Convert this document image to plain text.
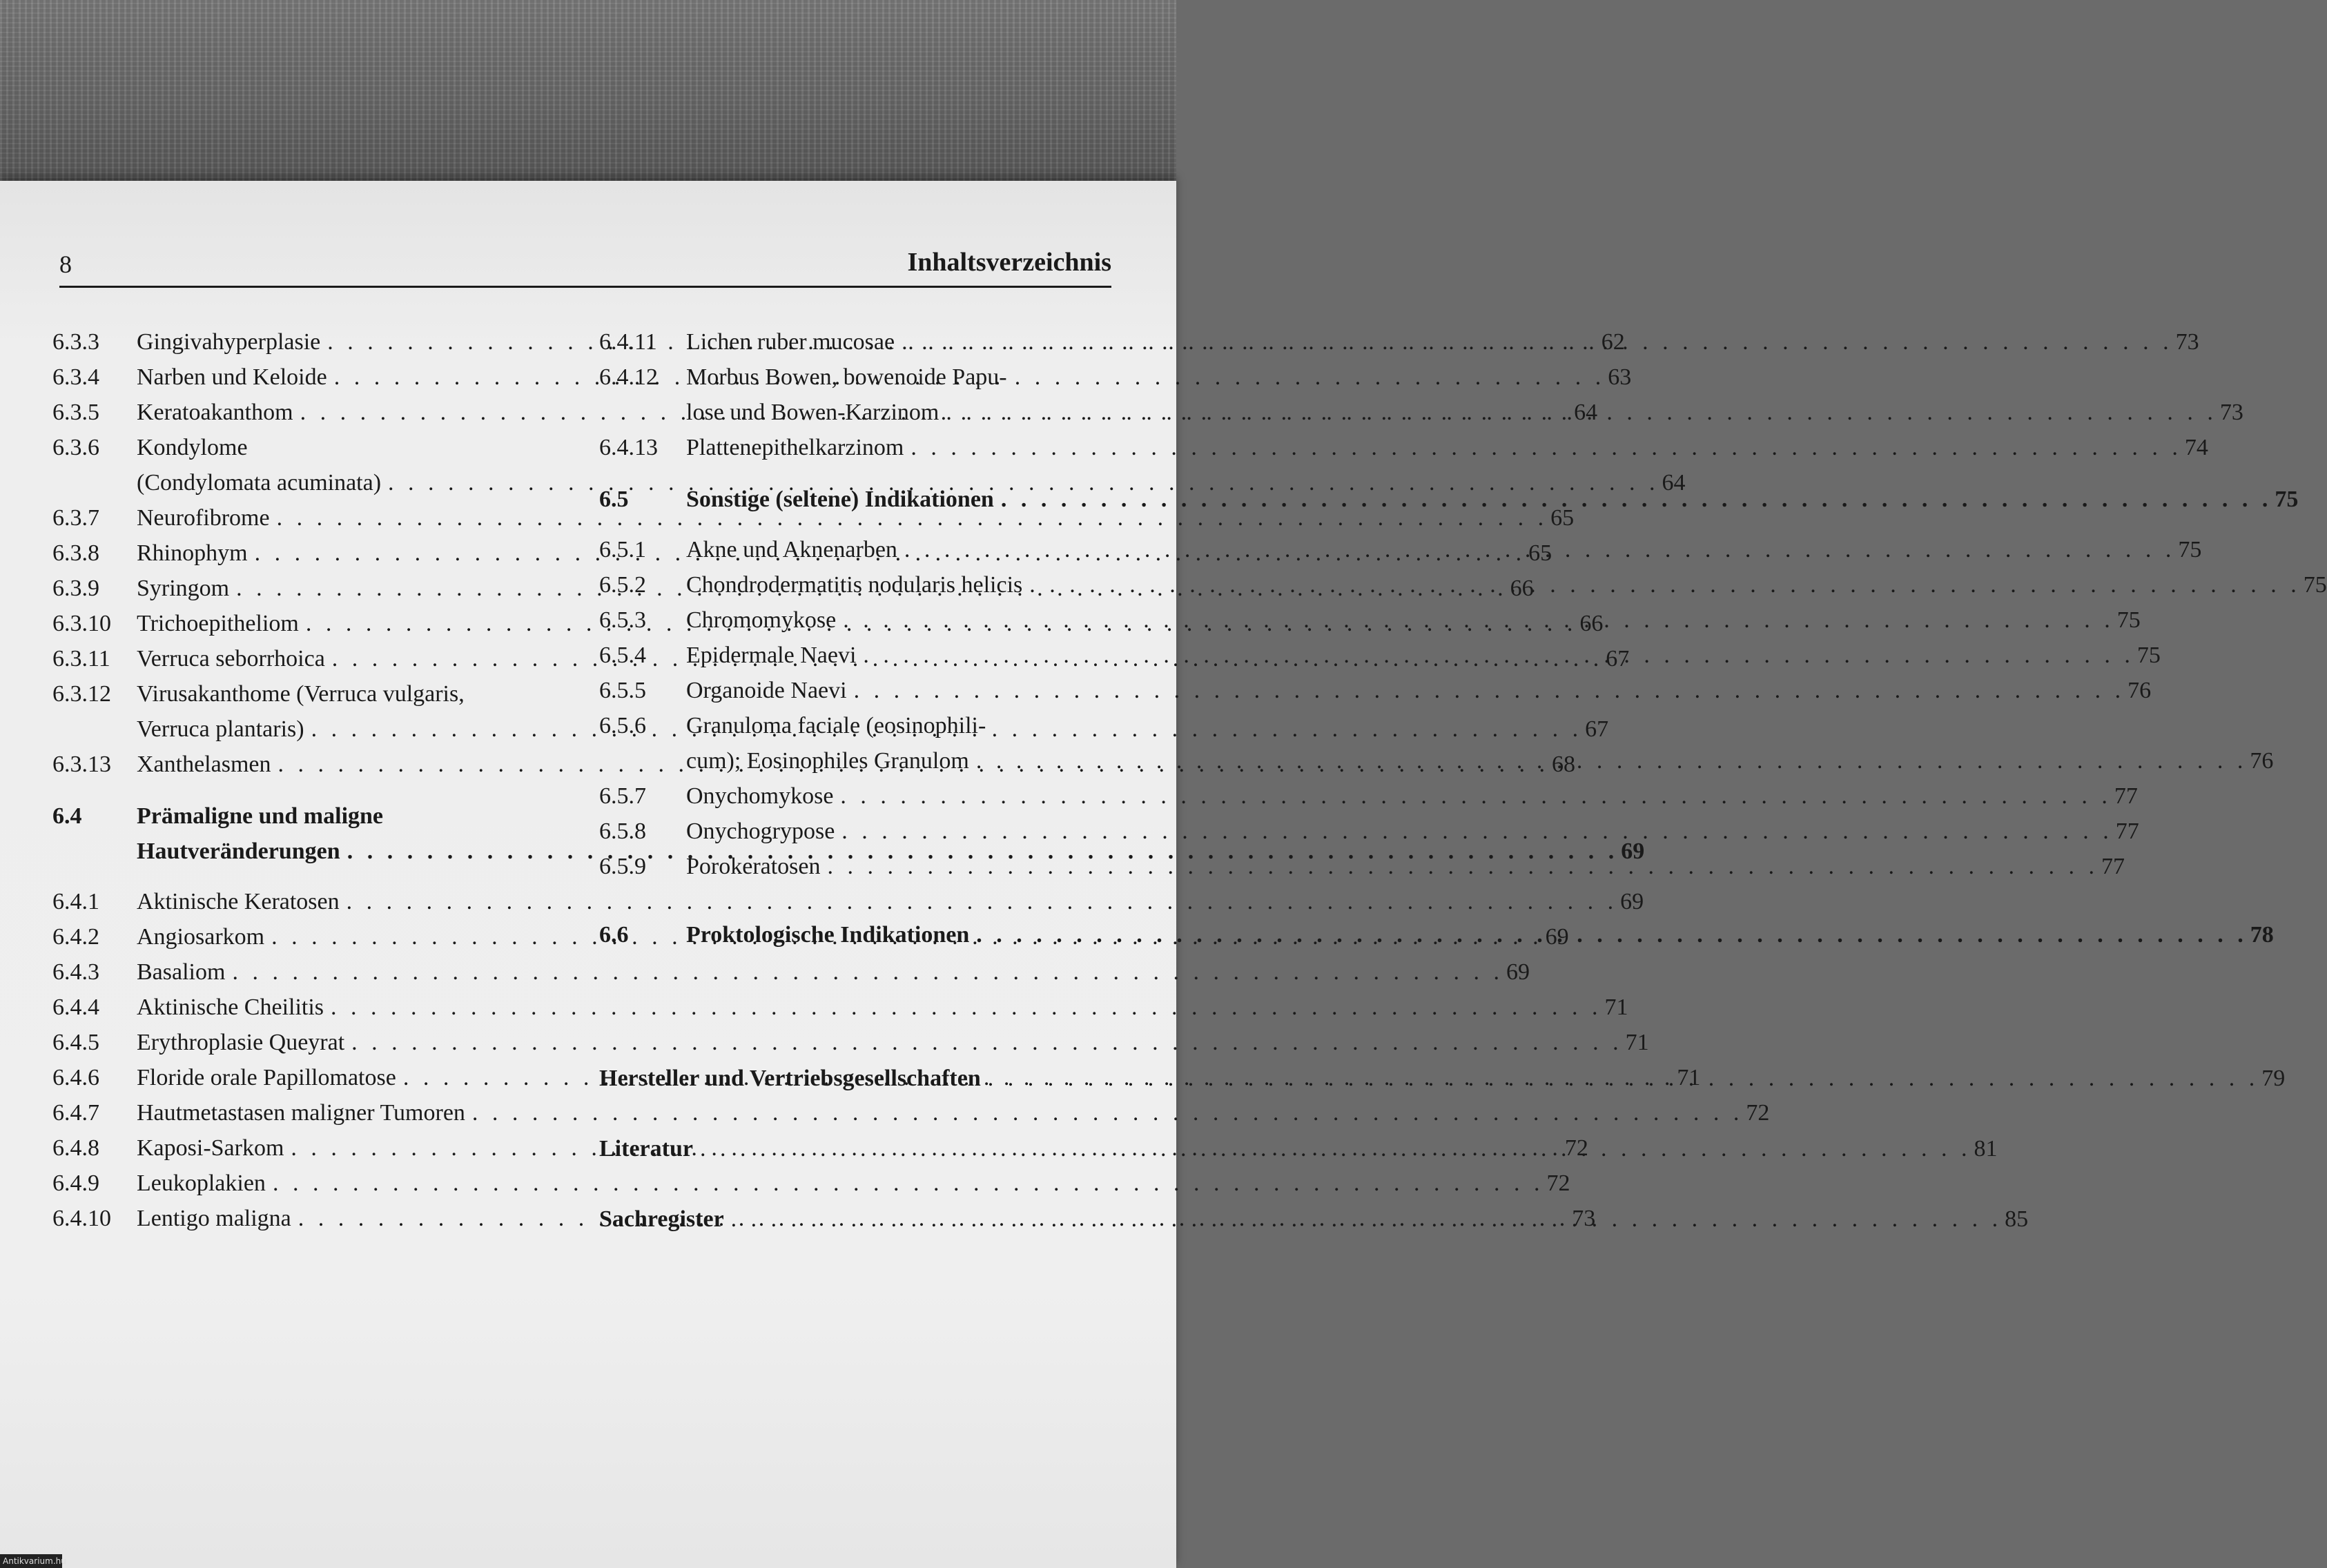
8	Inhaltsverzeichnis
6.3.3	Gingivahyperplasie . . .	62
6.3.4	Narben und Keloide . . .	63
6.3.5	Keratoakanthom . . .	64
6.3.6	Kondylome
(Condylomata acuminata) . . .	64
6.3.7	Neurofibrome . . .	65
6.3.8	Rhinophym . . .	65
6.3.9	Syringom . . .	66
6.3.10	Trichoepitheliom . . .	66
6.3.11	Verruca seborrhoica . . .	67
6.3.12	Virusakanthome (Verruca vulgaris,
Verruca plantaris) . . .	67
6.3.13	Xanthelasmen . . .	68
6.4	Prämaligne und maligne
Hautveränderungen . . .	69
6.4.1	Aktinische Keratosen . . .	69
6.4.2	Angiosarkom . . .	69
6.4.3	Basaliom . . .	69
6.4.4	Aktinische Cheilitis . . .	71
6.4.5	Erythroplasie Queyrat . . .	71
6.4.6	Floride orale Papillomatose . . .	71
6.4.7	Hautmetastasen maligner Tumoren . . .	72
6.4.8	Kaposi-Sarkom . . .	72
6.4.9	Leukoplakien . . .	72
6.4.10	Lentigo maligna . . .	73
6.4.11	Lichen ruber mucosae . . .	73
6.4.12	Morbus Bowen, bowenoide Papu-
lose und Bowen-Karzinom . . .	73
6.4.13	Plattenepithelkarzinom . . .	74
6.5	Sonstige (seltene) Indikationen . . .	75
6.5.1	Akne und Aknenarben . . .	75
6.5.2	Chondrodermatitis nodularis helicis . . .	75
6.5.3	Chromomykose . . .	75
6.5.4	Epidermale Naevi . . .	75
6.5.5	Organoide Naevi . . .	76
6.5.6	Granuloma faciale (eosinophili-
cum); Eosinophiles Granulom . . .	76
6.5.7	Onychomykose . . .	77
6.5.8	Onychogrypose . . .	77
6.5.9	Porokeratosen . . .	77
6.6	Proktologische Indikationen . . .	78
Hersteller und Vertriebsgesellschaften . . .	79
Literatur . . .	81
Sachregister . . .	85
Antikvarium.hu
